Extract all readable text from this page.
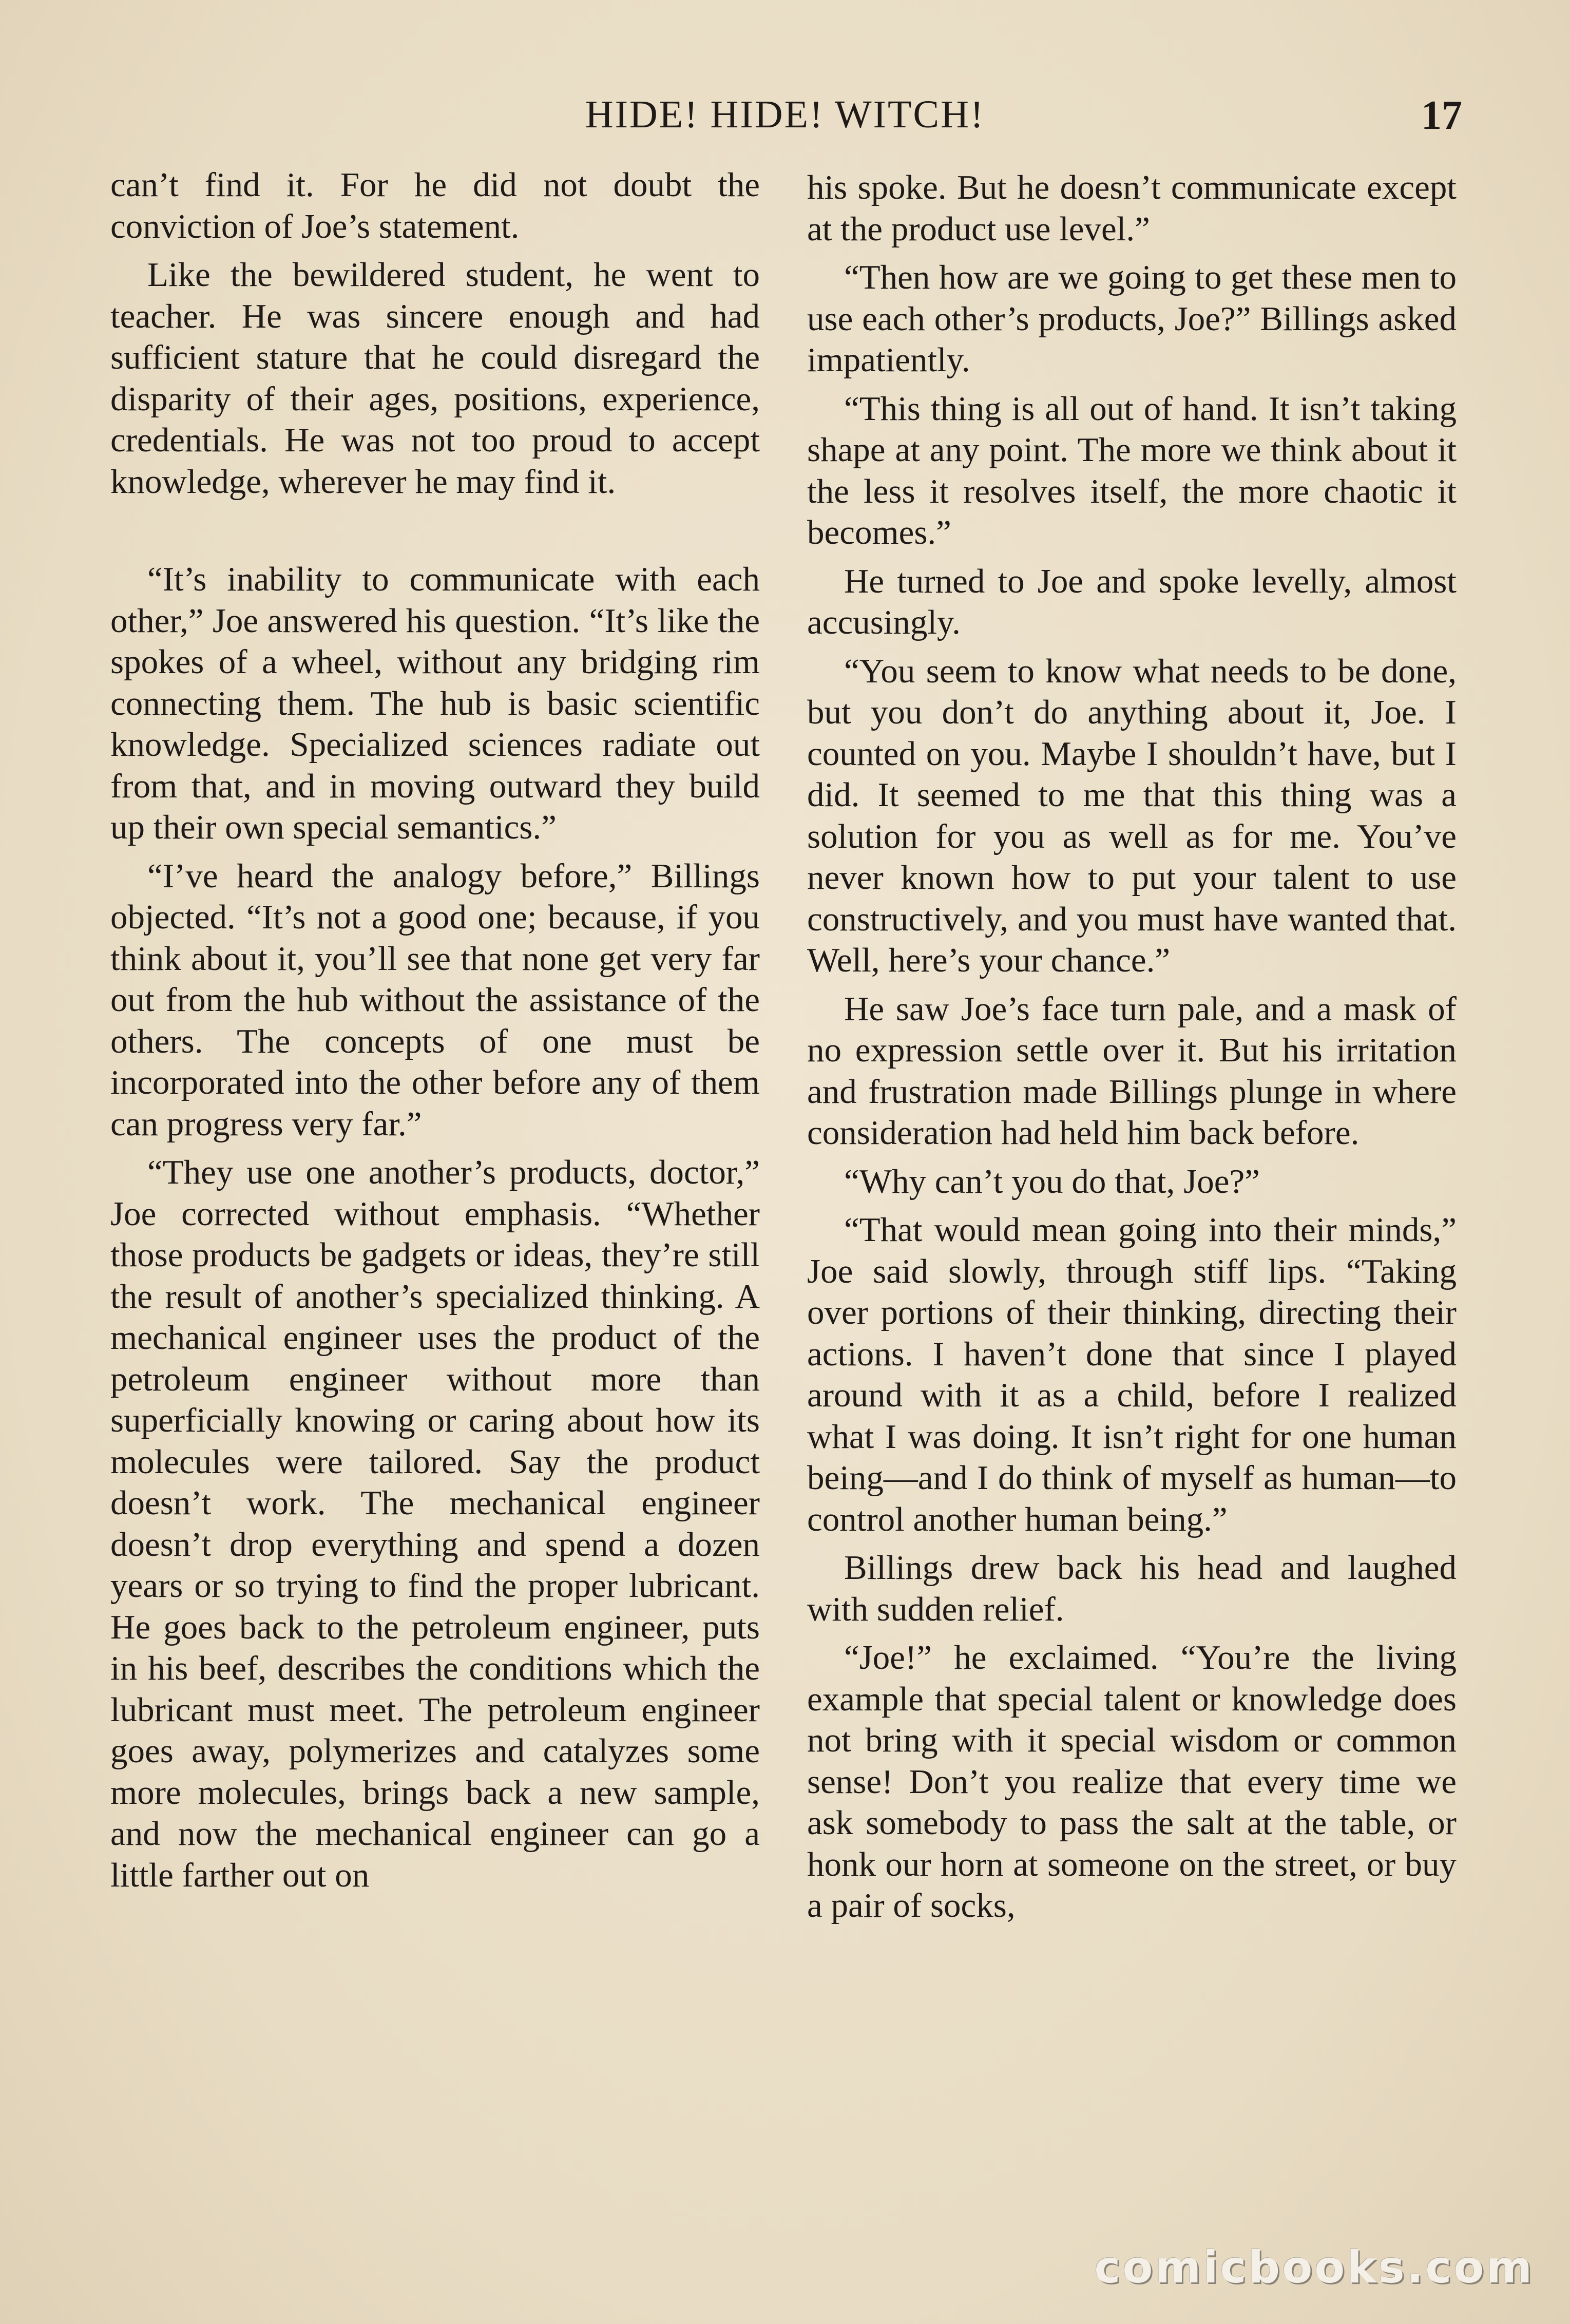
HIDE! HIDE! WITCH!	17

can’t find it. For he did not doubt the conviction of Joe’s statement.

Like the bewildered student, he went to teacher. He was sincere enough and had sufficient stature that he could disregard the disparity of their ages, positions, experience, credentials. He was not too proud to accept knowledge, wherever he may find it.

“It’s inability to communicate with each other,” Joe answered his question. “It’s like the spokes of a wheel, without any bridging rim connecting them. The hub is basic scientific knowledge. Specialized sciences radiate out from that, and in moving outward they build up their own special semantics.”

“I’ve heard the analogy before,” Billings objected. “It’s not a good one; because, if you think about it, you’ll see that none get very far out from the hub without the assistance of the others. The concepts of one must be incorporated into the other before any of them can progress very far.”

“They use one another’s products, doctor,” Joe corrected without emphasis. “Whether those products be gadgets or ideas, they’re still the result of another’s specialized thinking. A mechanical engineer uses the product of the petroleum engineer without more than superficially knowing or caring about how its molecules were tailored. Say the product doesn’t work. The mechanical engineer doesn’t drop everything and spend a dozen years or so trying to find the proper lubricant. He goes back to the petroleum engineer, puts in his beef, describes the conditions which the lubricant must meet. The petroleum engineer goes away, polymerizes and catalyzes some more molecules, brings back a new sample, and now the mechanical engineer can go a little farther out on

his spoke. But he doesn’t communicate except at the product use level.”

“Then how are we going to get these men to use each other’s products, Joe?” Billings asked impatiently.

“This thing is all out of hand. It isn’t taking shape at any point. The more we think about it the less it resolves itself, the more chaotic it becomes.”

He turned to Joe and spoke levelly, almost accusingly.

“You seem to know what needs to be done, but you don’t do anything about it, Joe. I counted on you. Maybe I shouldn’t have, but I did. It seemed to me that this thing was a solution for you as well as for me. You’ve never known how to put your talent to use constructively, and you must have wanted that. Well, here’s your chance.”

He saw Joe’s face turn pale, and a mask of no expression settle over it. But his irritation and frustration made Billings plunge in where consideration had held him back before.

“Why can’t you do that, Joe?”

“That would mean going into their minds,” Joe said slowly, through stiff lips. “Taking over portions of their thinking, directing their actions. I haven’t done that since I played around with it as a child, before I realized what I was doing. It isn’t right for one human being—and I do think of myself as human—to control another human being.”

Billings drew back his head and laughed with sudden relief.

“Joe!” he exclaimed. “You’re the living example that special talent or knowledge does not bring with it special wisdom or common sense! Don’t you realize that every time we ask somebody to pass the salt at the table, or honk our horn at someone on the street, or buy a pair of socks,

comicbooks.com
